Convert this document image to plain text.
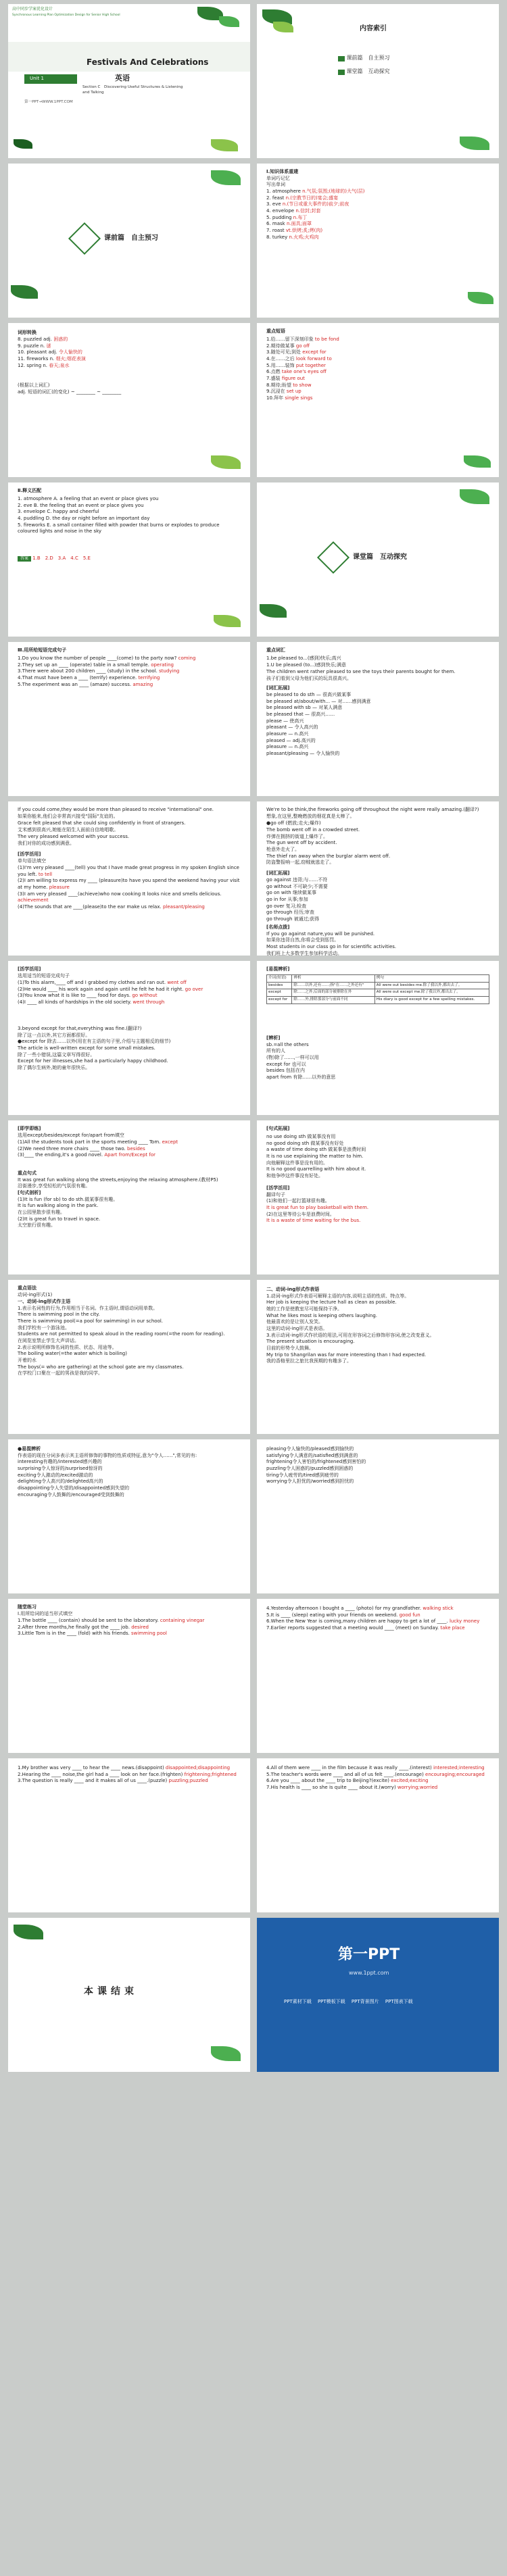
高中同步学案优化设计
Synchronous Learning Plan Optimization Design for Senior High School
Unit 1
Festivals And Celebrations
英语
Section C　Discovering Useful Structures & Listening and Talking
第一PPT→WWW.1PPT.COM
内容索引
课前篇　自主预习
课堂篇　互动探究
课前篇　自主预习
Ⅰ.知识体系重建
单词巧记忆
写出单词
1. atmosphere n.气氛;氛围;(地球的)大气(层)
2. feast n.(宗教节日的)宴会;盛宴
3. eve n.(节日或重大事件的)前夕;前夜
4. envelope n.信封;封套
5. pudding n.布丁
6. mask n.面具;面罩
7. roast vt.烘烤;炙;烤(肉)
8. turkey n.火鸡;火鸡肉
词形转换
8. puzzled adj. 困惑的
9. puzzle n. 谜
10. pleasant adj. 令人愉快的
11. fireworks n. 烟火;烟花表演
12. spring n. 春天;泉水
(根据以上词汇)
adj. 短语的词汇(的变化) ~ ________ ~ ________
重点短语
1.给……留下深刻印象 to be fond
2.期待做某事 go off
3.随处可见;到处 except for
4.在……之后 look forward to
5.用……装饰 put together
6.点燃 take one's eyes off
7.盛装 figure out
8.期待;盼望 to show
9.沉浸在 set up
10.拜年 single sings
Ⅱ.释义匹配
1. atmosphere A. a feeling that an event or place gives you
2. eve B. the feeling that an event or place gives you
3. envelope C. happy and cheerful
4. puddling D. the day or night before an important day
5. fireworks E. a small container filled with powder that burns or explodes to produce coloured lights and noise in the sky
答案 1.B　2.D　3.A　4.C　5.E	课堂篇　互动探究
Ⅲ.用所给短语完成句子
1.Do you know the number of people ____(come) to the party now? coming
2.They set up an ____ (operate) table in a small temple. operating
3.There were about 200 children ____ (study) in the school. studying
4.That must have been a ____ (terrify) experience. terrifying
5.The experiment was an ____ (amaze) success. amazing
重点词汇
1.be pleased to...(感到)快乐;高兴
1.U be pleased (to...)感到快乐;满意
The children went rather pleased to see the toys their parents bought for them.
孩子们看到父母为他们买的玩具很高兴。
[词汇拓展]
be pleased to do sth — 很高兴做某事
be pleased at/about/with... — 对……感到满意
be pleased with sb — 对某人满意
be pleased that — 很高兴……
please — 使高兴
pleasant — 令人高兴的
pleasure — n.高兴
pleased — adj.高兴的
pleasure — n.高兴
pleasant/pleasing — 令人愉快的
If you could come,they would be more than pleased to receive "international" one.
如果你能来,他们会非常高兴接受"国际"友谊的。
Grace felt pleased that she could sing confidently in front of strangers.
艾米感到很高兴,她能在陌生人面前自信地唱歌。
The very pleased welcomed with your success.
我们对你的成功感到满意。
[活学活用]
单句语法填空
(1)I'm very pleased ____(tell) you that I have made great progress in my spoken English since you left. to tell
(2)I am willing to express my ____ (pleasure)to have you spend the weekend having your visit at my home. pleasure
(3)I am very pleased ____(achieve)who now cooking It looks nice and smells delicious. achievement
(4)The sounds that are ____(please)to the ear make us relax. pleasant/pleasing
We're to be think,the fireworks going off throughout the night were really amazing.(翻译?)
想象,在这里,整晚燃放的烟花真是太棒了。
●go off (燃放;走火;爆炸)
The bomb went off in a crowded street.
炸弹在拥挤的街道上爆炸了。
The gun went off by accident.
枪意外走火了。
The thief ran away when the burglar alarm went off.
防盗警报响一起,窃贼就逃走了。
[词汇拓展]
go against 违背;与……不符
go without 不可缺少;不需要
go on with 继续做某事
go in for 从事;参加
go over 复习;检查
go through 经历;审查
go through 被通过;获得
[名师点拨]
If you go against nature,you will be punished.
如果你违背自然,你将会受到惩罚。
Most students in our class go in for scientific activities.
我们班上大多数学生参加科学活动。
[活学活用]
选用适当的短语完成句子
(1)To this alarm,____ off and I grabbed my clothes and ran out. went off
(2)He would ____ his work again and again until he felt he had it right. go over
(3)You know what it is like to ____ food for days. go without
(4)I ____ all kinds of hardships in the old society. went through
3.beyond except for that,everything was fine.(翻译?)
除了这一点以外,其它方面都很好。
●except for 除去……以外(用在有主语的句子里,介绍与主题相反的细节)
The article is well-written except for some small mistakes.
除了一些小错误,这篇文章写得很好。
Except for her illnesses,she had a particularly happy childhood.
除了偶尔生病外,她的童年很快乐。
[易混辨析]
介词(短语)	辨析	例句
besides	除……以外,还有……;指"在……之外还有"	All were out besides me.除了我以外,都出去了。
except	除……之外;后面的部分被排除在外	All were out except me.除了我以外,都出去了。
except for	除……外,排除那部分与前面不同	His diary is good except for a few spelling mistakes.
[辨析]
sb.=all the others
所有的人
(物)除了……,一样可以用
except for 也可以
besides 包括在内
apart from 有除……以外的意思
[即学即练]
选用except/besides/except for/apart from填空
(1)All the students took part in the sports meeting ____ Tom. except
(2)We need three more chairs ____ those two. besides
(3)____ the ending,it's a good novel. Apart from/Except for
重点句式
It was great fun walking along the streets,enjoying the relaxing atmosphere.(教材P5)
沿街漫步,享受轻松的气氛很有趣。
[句式剖析]
(1)It is fun (for sb) to do sth.做某事很有趣。
It is fun walking along in the park.
在公园里散步很有趣。
(2)It is great fun to travel in space.
太空旅行很有趣。
[句式拓展]
no use doing sth 做某事没有用
no good doing sth 做某事没有好处
a waste of time doing sth 做某事是浪费时间
It is no use explaining the matter to him.
向他解释这件事是没有用的。
It is no good quarrelling with him about it.
和他争吵这件事没有好处。
[活学活用]
翻译句子
(1)和他们一起打篮球很有趣。
It is great fun to play basketball with them.
(2)在这里等待公车是浪费时间。
It is a waste of time waiting for the bus.
重点语法
动词-ing形式(1)
一、动词-ing形式作主语
1.表示名词性的行为,作用相当于名词。作主语时,谓语动词用单数。
There is swimming pool in the city.
There is swimming pool(=a pool for swimming) in our school.
我们学校有一个游泳池。
Students are not permitted to speak aloud in the reading room(=the room for reading).
在阅览室禁止学生大声讲话。
2.表示说明所修饰名词的性质、状态、用途等。
The boiling water(=the water which is boiling)
开着的水
The boys(= who are gathering) at the school gate are my classmates.
在学校门口聚在一起的男孩是我的同学。
二、动词-ing形式作表语
1.动词-ing形式作表语可解释主语的内容,说明主语的性质、特点等。
Her job is keeping the lecture hall as clean as possible.
她的工作是使教室尽可能保持干净。
What he likes most is keeping others laughing.
他最喜欢的是让别人发笑。
这里的动词-ing形式是表语。
3.表示动词-ing形式作状语的用法,可用在形容词之后修饰形容词,使之改变意义。
The present situation is encouraging.
目前的形势令人鼓舞。
My trip to Shangrilan was far more interesting than I had expected.
我的香格里拉之旅比我预期的有趣多了。
●易混辨析
作表语的现在分词多表示其主语所修饰的事物的性质或特征,意为"令人……",常见的有:
interesting有趣的/interested感兴趣的
surprising令人惊讶的/surprised惊讶的
exciting令人激动的/excited激动的
delighting令人高兴的/delighted高兴的
disappointing令人失望的/disappointed感到失望的
encouraging令人鼓舞的/encouraged受到鼓舞的
pleasing令人愉快的/pleased感到愉快的
satisfying令人满意的/satisfied感到满意的
frightening令人害怕的/frightened感到害怕的
puzzling令人困惑的/puzzled感到困惑的
tiring令人疲劳的/tired感到疲劳的
worrying令人担忧的/worried感到担忧的
随堂练习
Ⅰ.用所给词的适当形式填空
1.The bottle ____ (contain) should be sent to the laboratory. containing vinegar
2.After three months,he finally got the ____ job. desired
3.Little Tom is in the ____ (fold) with his friends. swimming pool
4.Yesterday afternoon I bought a ____ (photo) for my grandfather. walking stick
5.It is ____ (sleep) eating with your friends on weekend. good fun
6.When the New Year is coming,many children are happy to get a lot of ____. lucky money
7.Earlier reports suggested that a meeting would ____ (meet) on Sunday. take place
1.My brother was very ____ to hear the ____ news.(disappoint) disappointed;disappointing
2.Hearing the ____ noise,the girl had a ____ look on her face.(frighten) frightening;frightened
3.The question is really ____ and it makes all of us ____.(puzzle) puzzling;puzzled
4.All of them were ____ in the film because it was really ____.(interest) interested;interesting
5.The teacher's words were ____ and all of us felt ____.(encourage) encouraging;encouraged
6.Are you ____ about the ____ trip to Beijing?(excite) excited;exciting
7.His health is ____ so she is quite ____ about it.(worry) worrying;worried
本课结束
第一PPT
www.1ppt.com
PPT素材下载　 PPT模板下载　 PPT背景图片　 PPT图表下载
